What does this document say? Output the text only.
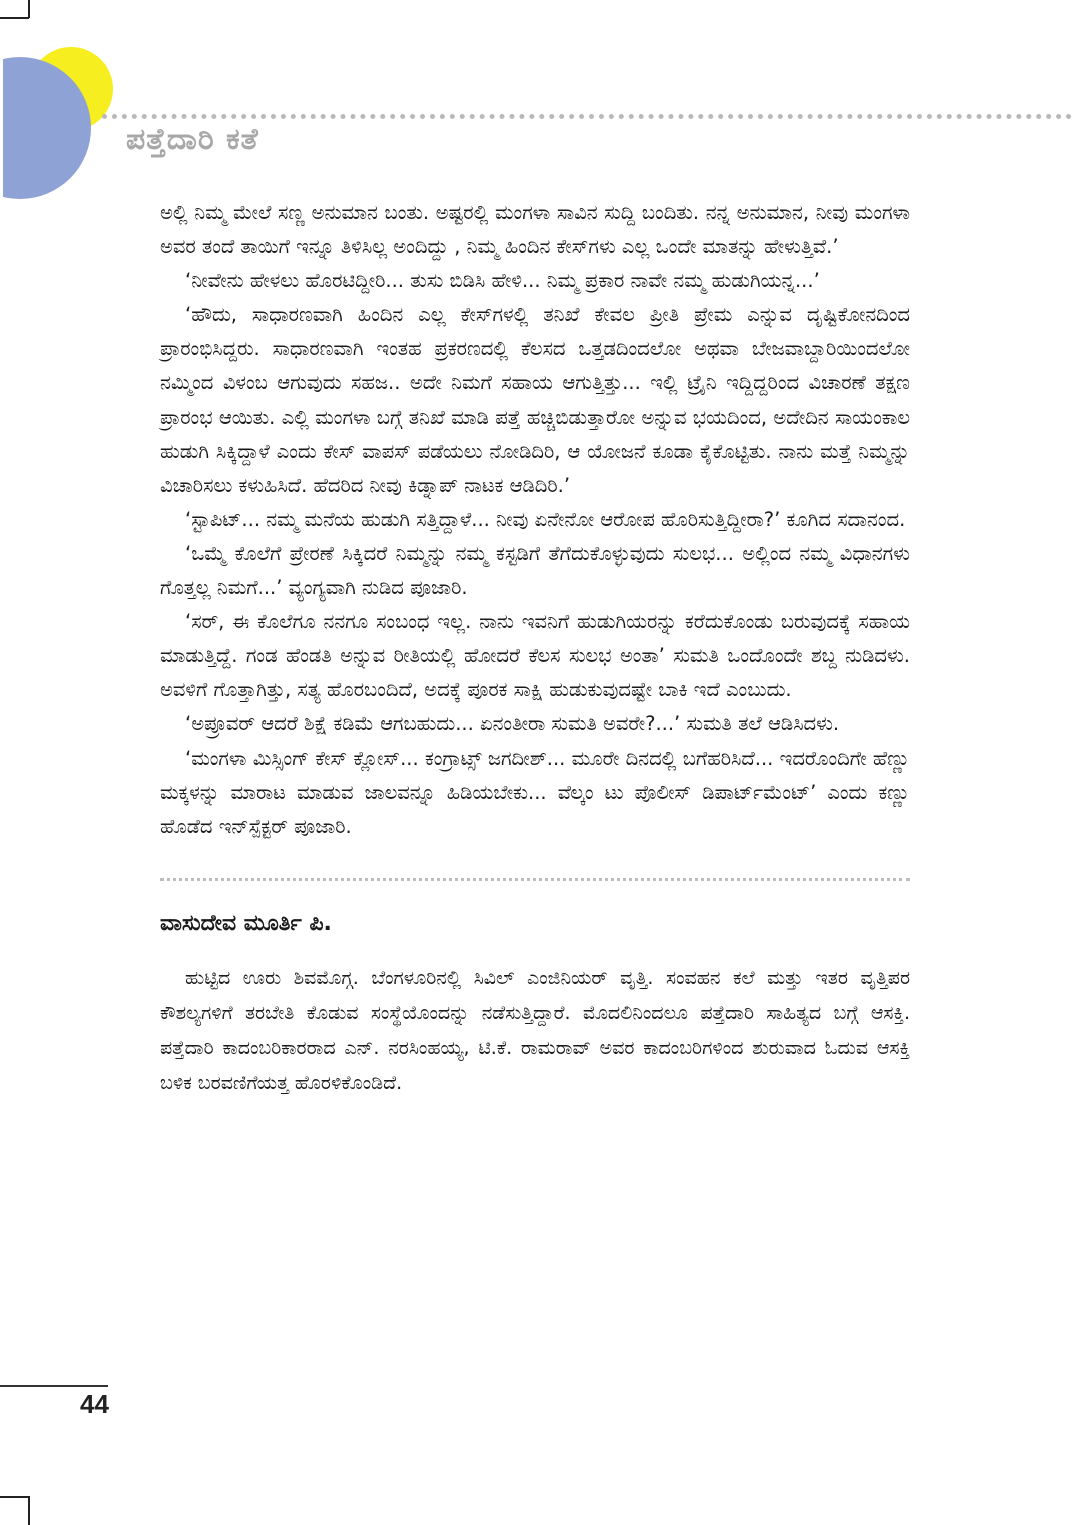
ಪತ್ತೆದಾರಿ ಕತೆ

ಅಲ್ಲಿ ನಿಮ್ಮ ಮೇಲೆ ಸಣ್ಣ ಅನುಮಾನ ಬಂತು. ಅಷ್ಟರಲ್ಲಿ ಮಂಗಳಾ ಸಾವಿನ ಸುದ್ದಿ ಬಂದಿತು. ನನ್ನ ಅನುಮಾನ, ನೀವು ಮಂಗಳಾ ಅವರ ತಂದೆ ತಾಯಿಗೆ ಇನ್ನೂ ತಿಳಿಸಿಲ್ಲ ಅಂದಿದ್ದು , ನಿಮ್ಮ ಹಿಂದಿನ ಕೇಸ್‌ಗಳು ಎಲ್ಲ ಒಂದೇ ಮಾತನ್ನು ಹೇಳುತ್ತಿವೆ.’

‘ನೀವೇನು ಹೇಳಲು ಹೊರಟಿದ್ದೀರಿ... ತುಸು ಬಿಡಿಸಿ ಹೇಳಿ... ನಿಮ್ಮ ಪ್ರಕಾರ ನಾವೇ ನಮ್ಮ ಹುಡುಗಿಯನ್ನ...’

‘ಹೌದು, ಸಾಧಾರಣವಾಗಿ ಹಿಂದಿನ ಎಲ್ಲ ಕೇಸ್‌ಗಳಲ್ಲಿ ತನಿಖೆ ಕೇವಲ ಪ್ರೀತಿ ಪ್ರೇಮ ಎನ್ನುವ ದೃಷ್ಟಿಕೋನದಿಂದ ಪ್ರಾರಂಭಿಸಿದ್ದರು. ಸಾಧಾರಣವಾಗಿ ಇಂತಹ ಪ್ರಕರಣದಲ್ಲಿ ಕೆಲಸದ ಒತ್ತಡದಿಂದಲೋ ಅಥವಾ ಬೇಜವಾಬ್ದಾರಿಯಿಂದಲೋ ನಮ್ಮಿಂದ ವಿಳಂಬ ಆಗುವುದು ಸಹಜ.. ಅದೇ ನಿಮಗೆ ಸಹಾಯ ಆಗುತ್ತಿತ್ತು... ಇಲ್ಲಿ ಟ್ರೈನಿ ಇದ್ದಿದ್ದರಿಂದ ವಿಚಾರಣೆ ತಕ್ಷಣ ಪ್ರಾರಂಭ ಆಯಿತು. ಎಲ್ಲಿ ಮಂಗಳಾ ಬಗ್ಗೆ ತನಿಖೆ ಮಾಡಿ ಪತ್ತೆ ಹಚ್ಚಿಬಿಡುತ್ತಾರೋ ಅನ್ನುವ ಭಯದಿಂದ, ಅದೇದಿನ ಸಾಯಂಕಾಲ ಹುಡುಗಿ ಸಿಕ್ಕಿದ್ದಾಳೆ ಎಂದು ಕೇಸ್ ವಾಪಸ್ ಪಡೆಯಲು ನೋಡಿದಿರಿ, ಆ ಯೋಜನೆ ಕೂಡಾ ಕೈಕೊಟ್ಟಿತು. ನಾನು ಮತ್ತೆ ನಿಮ್ಮನ್ನು ವಿಚಾರಿಸಲು ಕಳುಹಿಸಿದೆ. ಹೆದರಿದ ನೀವು ಕಿಡ್ನಾಪ್ ನಾಟಕ ಆಡಿದಿರಿ.’

‘ಸ್ಟಾಪಿಟ್... ನಮ್ಮ ಮನೆಯ ಹುಡುಗಿ ಸತ್ತಿದ್ದಾಳೆ... ನೀವು ಏನೇನೋ ಆರೋಪ ಹೊರಿಸುತ್ತಿದ್ದೀರಾ?’ ಕೂಗಿದ ಸದಾನಂದ.

‘ಒಮ್ಮೆ ಕೊಲೆಗೆ ಪ್ರೇರಣೆ ಸಿಕ್ಕಿದರೆ ನಿಮ್ಮನ್ನು ನಮ್ಮ ಕಸ್ಟಡಿಗೆ ತೆಗೆದುಕೊಳ್ಳುವುದು ಸುಲಭ... ಅಲ್ಲಿಂದ ನಮ್ಮ ವಿಧಾನಗಳು ಗೊತ್ತಲ್ಲ ನಿಮಗೆ...’ ವ್ಯಂಗ್ಯವಾಗಿ ನುಡಿದ ಪೂಜಾರಿ.

‘ಸರ್, ಈ ಕೊಲೆಗೂ ನನಗೂ ಸಂಬಂಧ ಇಲ್ಲ. ನಾನು ಇವನಿಗೆ ಹುಡುಗಿಯರನ್ನು ಕರೆದುಕೊಂಡು ಬರುವುದಕ್ಕೆ ಸಹಾಯ ಮಾಡುತ್ತಿದ್ದೆ. ಗಂಡ ಹೆಂಡತಿ ಅನ್ನುವ ರೀತಿಯಲ್ಲಿ ಹೋದರೆ ಕೆಲಸ ಸುಲಭ ಅಂತಾ’ ಸುಮತಿ ಒಂದೊಂದೇ ಶಬ್ದ ನುಡಿದಳು. ಅವಳಿಗೆ ಗೊತ್ತಾಗಿತ್ತು, ಸತ್ಯ ಹೊರಬಂದಿದೆ, ಅದಕ್ಕೆ ಪೂರಕ ಸಾಕ್ಷಿ ಹುಡುಕುವುದಷ್ಟೇ ಬಾಕಿ ಇದೆ ಎಂಬುದು.

‘ಅಪ್ರೂವರ್ ಆದರೆ ಶಿಕ್ಷೆ ಕಡಿಮೆ ಆಗಬಹುದು... ಏನಂತೀರಾ ಸುಮತಿ ಅವರೇ?...’ ಸುಮತಿ ತಲೆ ಆಡಿಸಿದಳು.

‘ಮಂಗಳಾ ಮಿಸ್ಸಿಂಗ್ ಕೇಸ್ ಕ್ಲೋಸ್... ಕಂಗ್ರಾಟ್ಸ್ ಜಗದೀಶ್... ಮೂರೇ ದಿನದಲ್ಲಿ ಬಗೆಹರಿಸಿದೆ... ಇದರೊಂದಿಗೇ ಹೆಣ್ಣು ಮಕ್ಕಳನ್ನು ಮಾರಾಟ ಮಾಡುವ ಜಾಲವನ್ನೂ ಹಿಡಿಯಬೇಕು... ವೆಲ್ಕಂ ಟು ಪೊಲೀಸ್ ಡಿಪಾರ್ಟ್‌ಮೆಂಟ್’ ಎಂದು ಕಣ್ಣು ಹೊಡೆದ ಇನ್‌ಸ್ಪೆಕ್ಟರ್ ಪೂಜಾರಿ.

ವಾಸುದೇವ ಮೂರ್ತಿ ಪಿ.

ಹುಟ್ಟಿದ ಊರು ಶಿವಮೊಗ್ಗ. ಬೆಂಗಳೂರಿನಲ್ಲಿ ಸಿವಿಲ್ ಎಂಜಿನಿಯರ್ ವೃತ್ತಿ. ಸಂವಹನ ಕಲೆ ಮತ್ತು ಇತರ ವೃತ್ತಿಪರ ಕೌಶಲ್ಯಗಳಿಗೆ ತರಬೇತಿ ಕೊಡುವ ಸಂಸ್ಥೆಯೊಂದನ್ನು ನಡೆಸುತ್ತಿದ್ದಾರೆ. ಮೊದಲಿನಿಂದಲೂ ಪತ್ತೆದಾರಿ ಸಾಹಿತ್ಯದ ಬಗ್ಗೆ ಆಸಕ್ತಿ. ಪತ್ತೆದಾರಿ ಕಾದಂಬರಿಕಾರರಾದ ಎನ್. ನರಸಿಂಹಯ್ಯ, ಟಿ.ಕೆ. ರಾಮರಾವ್ ಅವರ ಕಾದಂಬರಿಗಳಿಂದ ಶುರುವಾದ ಓದುವ ಆಸಕ್ತಿ ಬಳಿಕ ಬರವಣಿಗೆಯತ್ತ ಹೊರಳಿಕೊಂಡಿದೆ.

44
